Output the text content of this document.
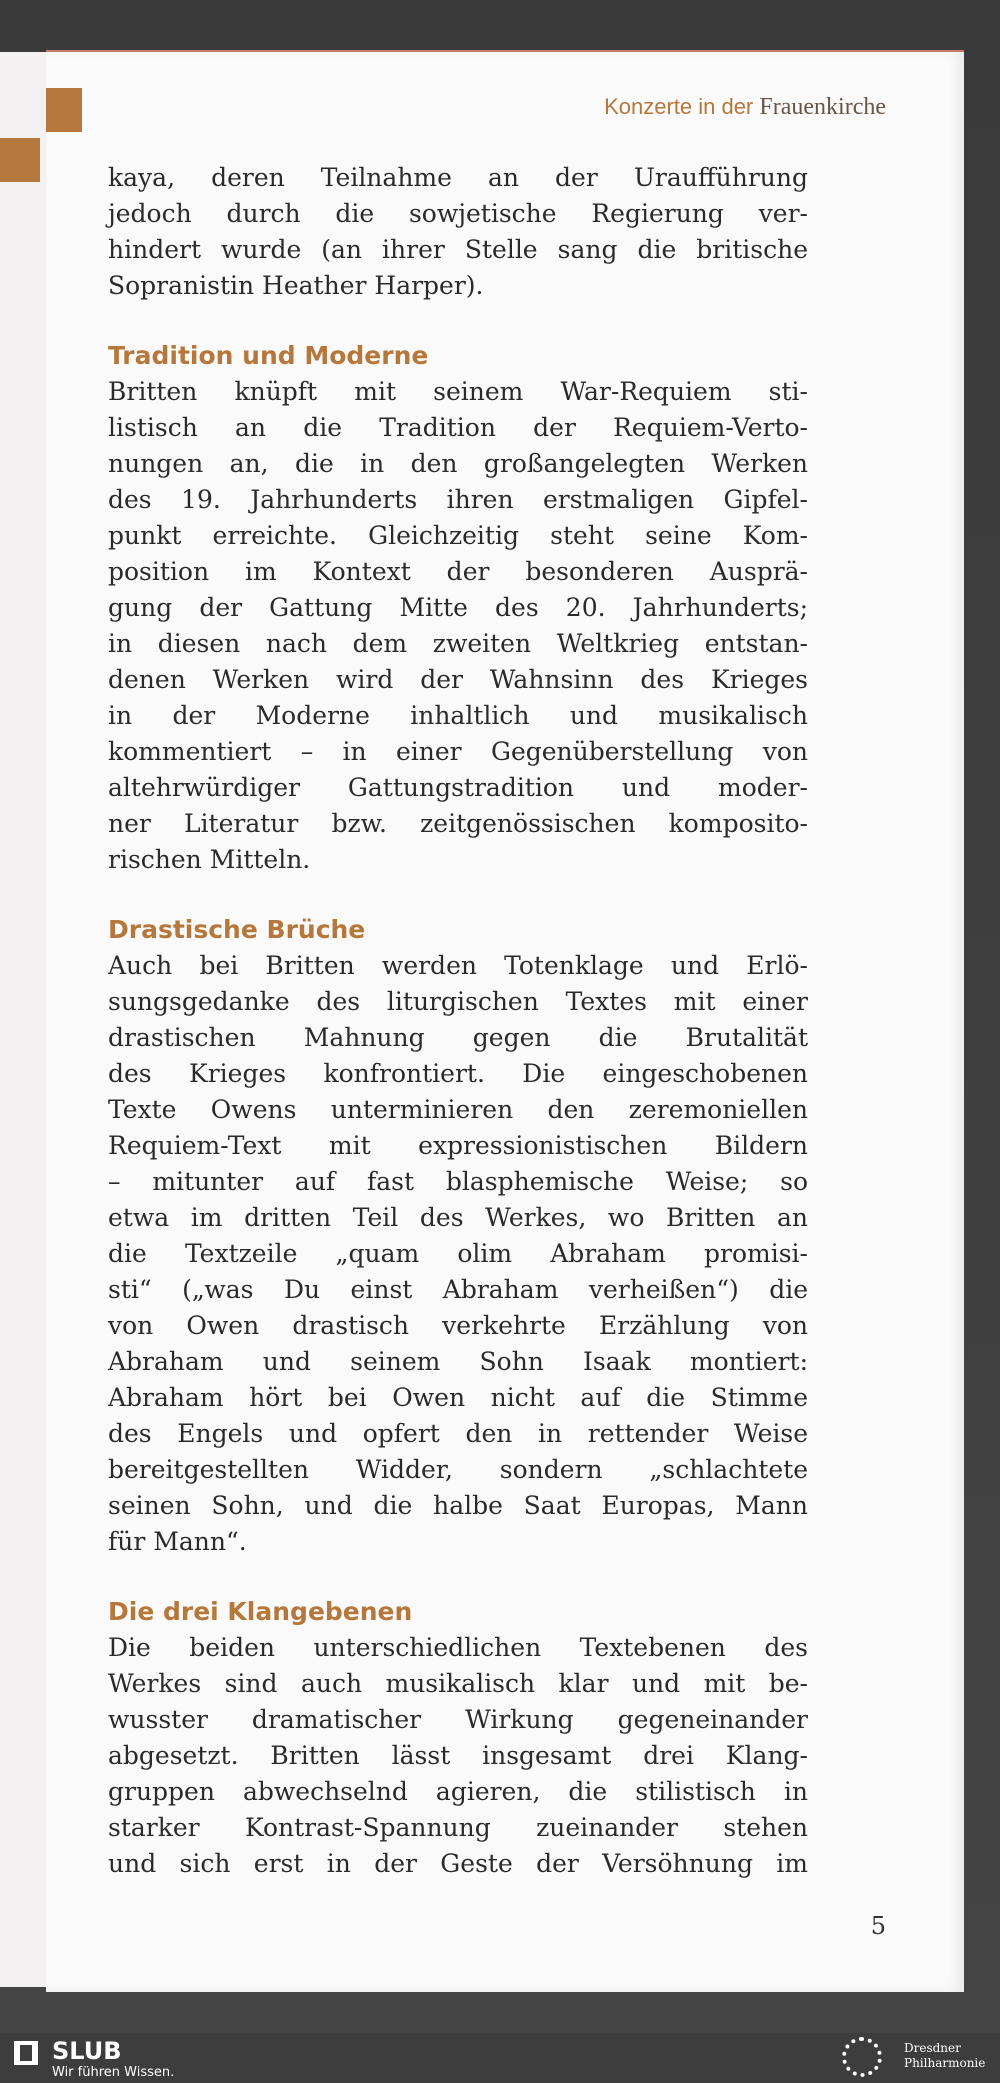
Konzerte in der Frauenkirche

kaya, deren Teilnahme an der Uraufführung
jedoch durch die sowjetische Regierung ver-
hindert wurde (an ihrer Stelle sang die britische
Sopranistin Heather Harper).

Tradition und Moderne

Britten knüpft mit seinem War-Requiem sti-
listisch an die Tradition der Requiem-Verto-
nungen an, die in den großangelegten Werken
des 19. Jahrhunderts ihren erstmaligen Gipfel-
punkt erreichte. Gleichzeitig steht seine Kom-
position im Kontext der besonderen Ausprä-
gung der Gattung Mitte des 20. Jahrhunderts;
in diesen nach dem zweiten Weltkrieg entstan-
denen Werken wird der Wahnsinn des Krieges
in der Moderne inhaltlich und musikalisch
kommentiert – in einer Gegenüberstellung von
altehrwürdiger Gattungstradition und moder-
ner Literatur bzw. zeitgenössischen komposito-
rischen Mitteln.

Drastische Brüche

Auch bei Britten werden Totenklage und Erlö-
sungsgedanke des liturgischen Textes mit einer
drastischen Mahnung gegen die Brutalität
des Krieges konfrontiert. Die eingeschobenen
Texte Owens unterminieren den zeremoniellen
Requiem-Text mit expressionistischen Bildern
– mitunter auf fast blasphemische Weise; so
etwa im dritten Teil des Werkes, wo Britten an
die Textzeile „quam olim Abraham promisi-
sti“ („was Du einst Abraham verheißen“) die
von Owen drastisch verkehrte Erzählung von
Abraham und seinem Sohn Isaak montiert:
Abraham hört bei Owen nicht auf die Stimme
des Engels und opfert den in rettender Weise
bereitgestellten Widder, sondern „schlachtete
seinen Sohn, und die halbe Saat Europas, Mann
für Mann“.

Die drei Klangebenen

Die beiden unterschiedlichen Textebenen des
Werkes sind auch musikalisch klar und mit be-
wusster dramatischer Wirkung gegeneinander
abgesetzt. Britten lässt insgesamt drei Klang-
gruppen abwechselnd agieren, die stilistisch in
starker Kontrast-Spannung zueinander stehen
und sich erst in der Geste der Versöhnung im

5
SLUB
Wir führen Wissen.
Dresdner
Philharmonie
